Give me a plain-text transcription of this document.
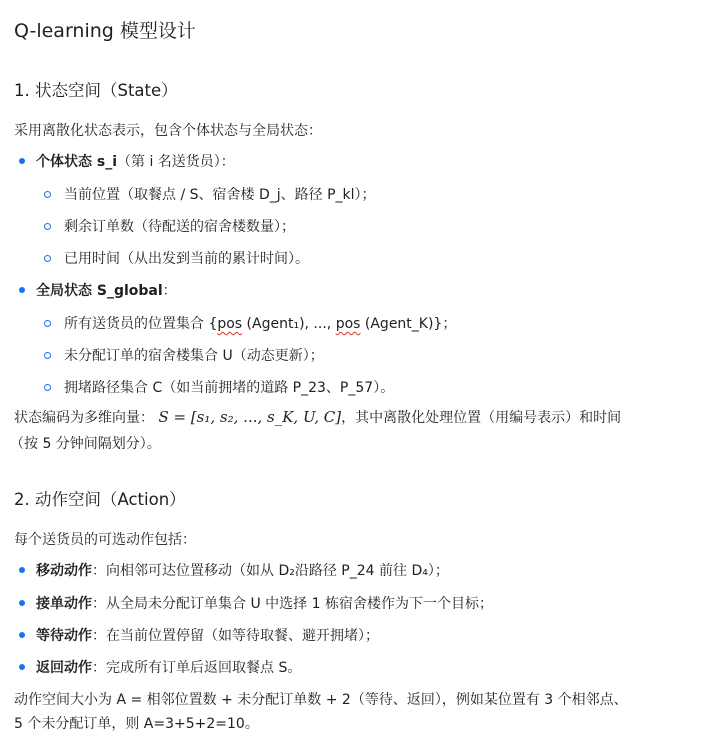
Q-learning 模型设计
1. 状态空间（State）
采用离散化状态表示，包含个体状态与全局状态：
个体状态 s_i（第 i 名送货员）：
当前位置（取餐点 / S、宿舍楼 D_j、路径 P_kl）；
剩余订单数（待配送的宿舍楼数量）；
已用时间（从出发到当前的累计时间）。
全局状态 S_global：
所有送货员的位置集合 {pos (Agent₁), ..., pos (Agent_K)}；
未分配订单的宿舍楼集合 U（动态更新）；
拥堵路径集合 C（如当前拥堵的道路 P_23、P_57）。
状态编码为多维向量： S = [s₁, s₂, ..., s_K, U, C]，其中离散化处理位置（用编号表示）和时间
（按 5 分钟间隔划分）。
2. 动作空间（Action）
每个送货员的可选动作包括：
移动动作：向相邻可达位置移动（如从 D₂沿路径 P_24 前往 D₄）；
接单动作：从全局未分配订单集合 U 中选择 1 栋宿舍楼作为下一个目标；
等待动作：在当前位置停留（如等待取餐、避开拥堵）；
返回动作：完成所有订单后返回取餐点 S。
动作空间大小为 A = 相邻位置数 + 未分配订单数 + 2（等待、返回），例如某位置有 3 个相邻点、
5 个未分配订单，则 A=3+5+2=10。
